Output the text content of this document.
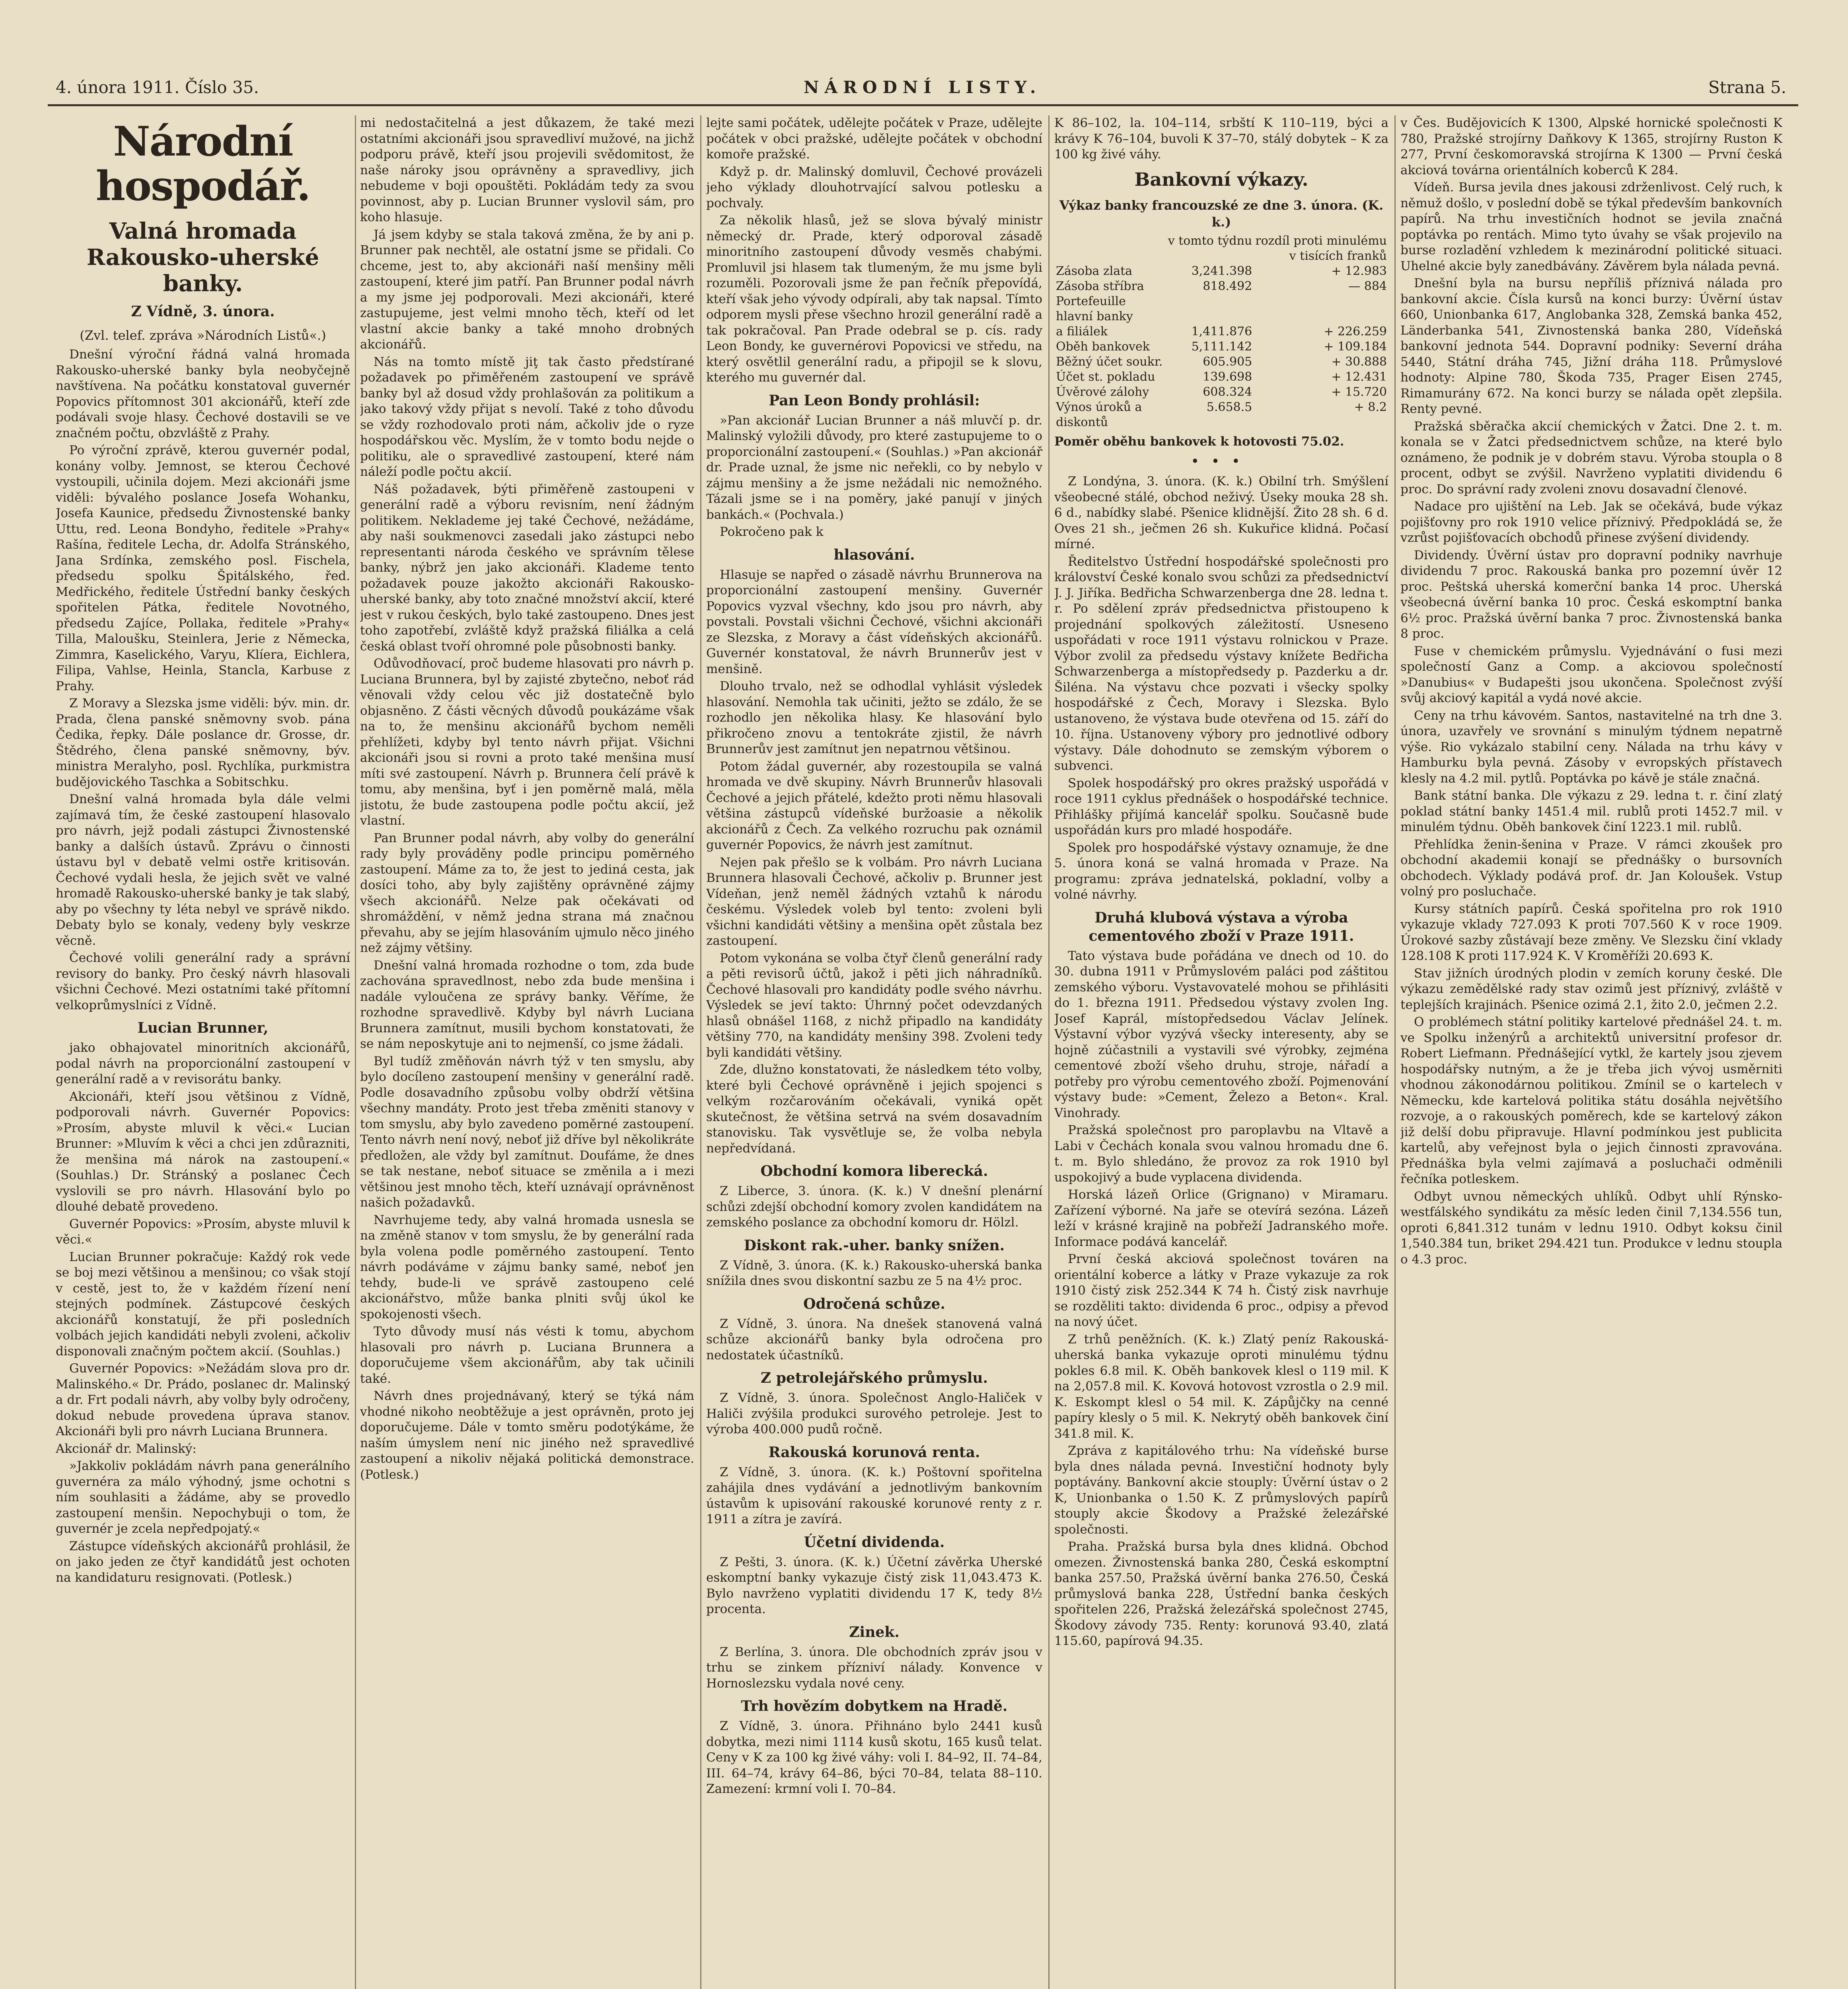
4. února 1911. Číslo 35.	NÁRODNÍ LISTY.	Strana 5.
Národní hospodář.
Valná hromada Rakousko-uherské banky.
Z Vídně, 3. února.
(Zvl. telef. zpráva »Národních Listů«.)

Dnešní výroční řádná valná hromada Rakousko-uherské banky byla neobyčejně navštívena. Na počátku konstatoval guvernér Popovics přítomnost 301 akcionářů, kteří zde podávali svoje hlasy. Čechové dostavili se ve značném počtu, obzvláště z Prahy.

Po výroční zprávě, kterou guvernér podal, konány volby. Jemnost, se kterou Čechové vystoupili, učinila dojem. Mezi akcionáři jsme viděli: bývalého poslance Josefa Wohanku, Josefa Kaunice, předsedu Živnostenské banky Uttu, red. Leona Bondyho, ředitele »Prahy« Rašína, ředitele Lecha, dr. Adolfa Stránského, Jana Srdínka, zemského posl. Fischela, předsedu spolku Špitálského, řed. Medřického, ředitele Ústřední banky českých spořitelen Pátka, ředitele Novotného, předsedu Zajíce, Pollaka, ředitele »Prahy« Tilla, Maloušku, Steinlera, Jerie z Německa, Zimmra, Kaselického, Varyu, Klíera, Eichlera, Filipa, Vahlse, Heinla, Stancla, Karbuse z Prahy.

Z Moravy a Slezska jsme viděli: býv. min. dr. Prada, člena panské sněmovny svob. pána Čedika, řepky. Dále poslance dr. Grosse, dr. Štědrého, člena panské sněmovny, býv. ministra Meralyho, posl. Rychlíka, purkmistra budějovického Taschka a Sobitschku.

Dnešní valná hromada byla dále velmi zajímavá tím, že české zastoupení hlasovalo pro návrh, jejž podali zástupci Živnostenské banky a dalších ústavů. Zprávu o činnosti ústavu byl v debatě velmi ostře kritisován. Čechové vydali hesla, že jejich svět ve valné hromadě Rakousko-uherské banky je tak slabý, aby po všechny ty léta nebyl ve správě nikdo. Debaty bylo se konaly, vedeny byly veskrze věcně.

Čechové volili generální rady a správní revisory do banky. Pro český návrh hlasovali všichni Čechové. Mezi ostatními také přítomní velkoprůmyslníci z Vídně.

Lucian Brunner,

jako obhajovatel minoritních akcionářů, podal návrh na proporcionální zastoupení v generální radě a v revisorátu banky.

Akcionáři, kteří jsou většinou z Vídně, podporovali návrh. Guvernér Popovics: »Prosím, abyste mluvil k věci.« Lucian Brunner: »Mluvím k věci a chci jen zdůrazniti, že menšina má nárok na zastoupení.« (Souhlas.) Dr. Stránský a poslanec Čech vyslovili se pro návrh. Hlasování bylo po dlouhé debatě provedeno.

Guvernér Popovics: »Prosím, abyste mluvil k věci.«

Lucian Brunner pokračuje: Každý rok vede se boj mezi většinou a menšinou; co však stojí v cestě, jest to, že v každém řízení není stejných podmínek. Zástupcové českých akcionářů konstatují, že při posledních volbách jejich kandidáti nebyli zvoleni, ačkoliv disponovali značným počtem akcií. (Souhlas.)

Guvernér Popovics: »Nežádám slova pro dr. Malinského.« Dr. Prádo, poslanec dr. Malinský a dr. Frt podali návrh, aby volby byly odročeny, dokud nebude provedena úprava stanov. Akcionáři byli pro návrh Luciana Brunnera.

Akcionář dr. Malinský:

»Jakkoliv pokládám návrh pana generálního guvernéra za málo výhodný, jsme ochotni s ním souhlasiti a žádáme, aby se provedlo zastoupení menšin. Nepochybuji o tom, že guvernér je zcela nepředpojatý.«

Zástupce vídeňských akcionářů prohlásil, že on jako jeden ze čtyř kandidátů jest ochoten na kandidaturu resignovati. (Potlesk.)

mi nedostačitelná a jest důkazem, že také mezi ostatními akcionáři jsou spravedliví mužové, na jichž podporu právě, kteří jsou projevili svědomitost, že naše nároky jsou oprávněny a spravedlivy, jich nebudeme v boji opouštěti. Pokládám tedy za svou povinnost, aby p. Lucian Brunner vyslovil sám, pro koho hlasuje.

Já jsem kdyby se stala taková změna, že by ani p. Brunner pak nechtěl, ale ostatní jsme se přidali. Co chceme, jest to, aby akcionáři naší menšiny měli zastoupení, které jim patří. Pan Brunner podal návrh a my jsme jej podporovali. Mezi akcionáři, které zastupujeme, jest velmi mnoho těch, kteří od let vlastní akcie banky a také mnoho drobných akcionářů.

Nás na tomto místě jiţ tak často předstírané požadavek po přiměřeném zastoupení ve správě banky byl až dosud vždy prohlašován za politikum a jako takový vždy přijat s nevolí. Také z toho důvodu se vždy rozhodovalo proti nám, ačkoliv jde o ryze hospodářskou věc. Myslím, že v tomto bodu nejde o politiku, ale o spravedlivé zastoupení, které nám náleží podle počtu akcií.

Náš požadavek, býti přiměřeně zastoupeni v generální radě a výboru revisním, není žádným politikem. Neklademe jej také Čechové, nežádáme, aby naši soukmenovci zasedali jako zástupci nebo representanti národa českého ve správním tělese banky, nýbrž jen jako akcionáři. Klademe tento požadavek pouze jakožto akcionáři Rakousko-uherské banky, aby toto značné množství akcií, které jest v rukou českých, bylo také zastoupeno. Dnes jest toho zapotřebí, zvláště když pražská filiálka a celá česká oblast tvoří ohromné pole působnosti banky.

Odůvodňovací, proč budeme hlasovati pro návrh p. Luciana Brunnera, byl by zajisté zbytečno, neboť rád věnovali vždy celou věc již dostatečně bylo objasněno. Z části věcných důvodů poukázáme však na to, že menšinu akcionářů bychom neměli přehlížeti, kdyby byl tento návrh přijat. Všichni akcionáři jsou si rovni a proto také menšina musí míti své zastoupení. Návrh p. Brunnera čelí právě k tomu, aby menšina, byť i jen poměrně malá, měla jistotu, že bude zastoupena podle počtu akcií, jež vlastní.

Pan Brunner podal návrh, aby volby do generální rady byly prováděny podle principu poměrného zastoupení. Máme za to, že jest to jediná cesta, jak dosíci toho, aby byly zajištěny oprávněné zájmy všech akcionářů. Nelze pak očekávati od shromáždění, v němž jedna strana má značnou převahu, aby se jejím hlasováním ujmulo něco jiného než zájmy většiny.

Dnešní valná hromada rozhodne o tom, zda bude zachována spravedlnost, nebo zda bude menšina i nadále vyloučena ze správy banky. Věříme, že rozhodne spravedlivě. Kdyby byl návrh Luciana Brunnera zamítnut, musili bychom konstatovati, že se nám neposkytuje ani to nejmenší, co jsme žádali.

Byl tudíž změňován návrh týž v ten smyslu, aby bylo docíleno zastoupení menšiny v generální radě. Podle dosavadního způsobu volby obdrží většina všechny mandáty. Proto jest třeba změniti stanovy v tom smyslu, aby bylo zavedeno poměrné zastoupení. Tento návrh není nový, neboť již dříve byl několikráte předložen, ale vždy byl zamítnut. Doufáme, že dnes se tak nestane, neboť situace se změnila a i mezi většinou jest mnoho těch, kteří uznávají oprávněnost našich požadavků.

Navrhujeme tedy, aby valná hromada usnesla se na změně stanov v tom smyslu, že by generální rada byla volena podle poměrného zastoupení. Tento návrh podáváme v zájmu banky samé, neboť jen tehdy, bude-li ve správě zastoupeno celé akcionářstvo, může banka plniti svůj úkol ke spokojenosti všech.

Tyto důvody musí nás vésti k tomu, abychom hlasovali pro návrh p. Luciana Brunnera a doporučujeme všem akcionářům, aby tak učinili také.

Návrh dnes projednávaný, který se týká nám vhodné nikoho neobtěžuje a jest oprávněn, proto jej doporučujeme. Dále v tomto směru podotýkáme, že naším úmyslem není nic jiného než spravedlivé zastoupení a nikoliv nějaká politická demonstrace. (Potlesk.)

lejte sami počátek, udělejte počátek v Praze, udělejte počátek v obci pražské, udělejte počátek v obchodní komoře pražské.

Když p. dr. Malinský domluvil, Čechové provázeli jeho výklady dlouhotrvající salvou potlesku a pochvaly.

Za několik hlasů, jež se slova bývalý ministr německý dr. Prade, který odporoval zásadě minoritního zastoupení důvody vesměs chabými. Promluvil jsi hlasem tak tlumeným, že mu jsme byli rozuměli. Pozorovali jsme že pan řečník přepovídá, kteří však jeho vývody odpírali, aby tak napsal. Tímto odporem mysli přese všechno hrozil generální radě a tak pokračoval. Pan Prade odebral se p. cís. rady Leon Bondy, ke guvernérovi Popovicsi ve středu, na který osvětlil generální radu, a připojil se k slovu, kterého mu guvernér dal.

Pan Leon Bondy prohlásil:

»Pan akcionář Lucian Brunner a náš mluvčí p. dr. Malinský vyložili důvody, pro které zastupujeme to o proporcionální zastoupení.« (Souhlas.) »Pan akcionář dr. Prade uznal, že jsme nic neřekli, co by nebylo v zájmu menšiny a že jsme nežádali nic nemožného. Tázali jsme se i na poměry, jaké panují v jiných bankách.« (Pochvala.)

Pokročeno pak k

hlasování.

Hlasuje se napřed o zásadě návrhu Brunnerova na proporcionální zastoupení menšiny. Guvernér Popovics vyzval všechny, kdo jsou pro návrh, aby povstali. Povstali všichni Čechové, všichni akcionáři ze Slezska, z Moravy a část vídeňských akcionářů. Guvernér konstatoval, že návrh Brunnerův jest v menšině.

Dlouho trvalo, než se odhodlal vyhlásit výsledek hlasování. Nemohla tak učiniti, ježto se zdálo, že se rozhodlo jen několika hlasy. Ke hlasování bylo přikročeno znovu a tentokráte zjistil, že návrh Brunnerův jest zamítnut jen nepatrnou většinou.

Potom žádal guvernér, aby rozestoupila se valná hromada ve dvě skupiny. Návrh Brunnerův hlasovali Čechové a jejich přátelé, kdežto proti němu hlasovali většina zástupců vídeňské buržoasie a několik akcionářů z Čech. Za velkého rozruchu pak oznámil guvernér Popovics, že návrh jest zamítnut.

Nejen pak přešlo se k volbám. Pro návrh Luciana Brunnera hlasovali Čechové, ačkoliv p. Brunner jest Vídeňan, jenž neměl žádných vztahů k národu českému. Výsledek voleb byl tento: zvoleni byli všichni kandidáti většiny a menšina opět zůstala bez zastoupení.

Potom vykonána se volba čtyř členů generální rady a pěti revisorů účtů, jakož i pěti jich náhradníků. Čechové hlasovali pro kandidáty podle svého návrhu. Výsledek se jeví takto: Úhrnný počet odevzdaných hlasů obnášel 1168, z nichž připadlo na kandidáty většiny 770, na kandidáty menšiny 398. Zvoleni tedy byli kandidáti většiny.

Zde, dlužno konstatovati, že následkem této volby, které byli Čechové oprávněně i jejich spojenci s velkým rozčarováním očekávali, vyniká opět skutečnost, že většina setrvá na svém dosavadním stanovisku. Tak vysvětluje se, že volba nebyla nepředvídaná.

Obchodní komora liberecká.

Z Liberce, 3. února. (K. k.) V dnešní plenární schůzi zdejší obchodní komory zvolen kandidátem na zemského poslance za obchodní komoru dr. Hölzl.

Diskont rak.-uher. banky snížen.

Z Vídně, 3. února. (K. k.) Rakousko-uherská banka snížila dnes svou diskontní sazbu ze 5 na 4½ proc.

Odročená schůze.

Z Vídně, 3. února. Na dnešek stanovená valná schůze akcionářů banky byla odročena pro nedostatek účastníků.

Z petrolejářského průmyslu.

Z Vídně, 3. února. Společnost Anglo-Haliček v Haliči zvýšila produkci surového petroleje. Jest to výroba 400.000 pudů ročně.

Rakouská korunová renta.

Z Vídně, 3. února. (K. k.) Poštovní spořitelna zahájila dnes vydávání a jednotlivým bankovním ústavům k upisování rakouské korunové renty z r. 1911 a zítra je zavírá.

Účetní dividenda.

Z Pešti, 3. února. (K. k.) Účetní závěrka Uherské eskomptní banky vykazuje čistý zisk 11,043.473 K. Bylo navrženo vyplatiti dividendu 17 K, tedy 8½ procenta.

Zinek.

Z Berlína, 3. února. Dle obchodních zpráv jsou v trhu se zinkem přízniví nálady. Konvence v Hornoslezsku vydala nové ceny.

Trh hovězím dobytkem na Hradě.

Z Vídně, 3. února. Přihnáno bylo 2441 kusů dobytka, mezi nimi 1114 kusů skotu, 165 kusů telat. Ceny v K za 100 kg živé váhy: voli I. 84–92, II. 74–84, III. 64–74, krávy 64–86, býci 70–84, telata 88–110. Zamezení: krmní voli I. 70–84.

K 86–102, la. 104–114, srbští K 110–119, býci a krávy K 76–104, buvoli K 37–70, stálý dobytek – K za 100 kg živé váhy.

Bankovní výkazy.
Výkaz banky francouzské ze dne 3. února. (K. k.)
	v tomto týdnu	rozdíl proti minulému
	v tisících franků	
Zásoba zlata	3,241.398	+ 12.983
Zásoba stříbra	818.492	— 884
Portefeuille hlavní banky		
a filiálek	1,411.876	+ 226.259
Oběh bankovek	5,111.142	+ 109.184
Běžný účet soukr.	605.905	+ 30.888
Účet st. pokladu	139.698	+ 12.431
Úvěrové zálohy	608.324	+ 15.720
Výnos úroků a diskontů	5.658.5	+ 8.2

Poměr oběhu bankovek k hotovosti 75.02.

•••

Z Londýna, 3. února. (K. k.) Obilní trh. Smýšlení všeobecné stálé, obchod neživý. Úseky mouka 28 sh. 6 d., nabídky slabé. Pšenice klidnější. Žito 28 sh. 6 d. Oves 21 sh., ječmen 26 sh. Kukuřice klidná. Počasí mírné.

Ředitelstvo Ústřední hospodářské společnosti pro království České konalo svou schůzi za předsednictví J. J. Jiříka. Bedřicha Schwarzenberga dne 28. ledna t. r. Po sdělení zpráv předsednictva přistoupeno k projednání spolkových záležitostí. Usneseno uspořádati v roce 1911 výstavu rolnickou v Praze. Výbor zvolil za předsedu výstavy knížete Bedřicha Schwarzenberga a místopředsedy p. Pazderku a dr. Šiléna. Na výstavu chce pozvati i všecky spolky hospodářské z Čech, Moravy i Slezska. Bylo ustanoveno, že výstava bude otevřena od 15. září do 10. října. Ustanoveny výbory pro jednotlivé odbory výstavy. Dále dohodnuto se zemským výborem o subvenci.

Spolek hospodářský pro okres pražský uspořádá v roce 1911 cyklus přednášek o hospodářské technice. Přihlášky přijímá kancelář spolku. Současně bude uspořádán kurs pro mladé hospodáře.

Spolek pro hospodářské výstavy oznamuje, že dne 5. února koná se valná hromada v Praze. Na programu: zpráva jednatelská, pokladní, volby a volné návrhy.

Druhá klubová výstava a výroba cementového zboží v Praze 1911.

Tato výstava bude pořádána ve dnech od 10. do 30. dubna 1911 v Průmyslovém paláci pod záštitou zemského výboru. Vystavovatelé mohou se přihlásiti do 1. března 1911. Předsedou výstavy zvolen Ing. Josef Kaprál, místopředsedou Václav Jelínek. Výstavní výbor vyzývá všecky interesenty, aby se hojně zúčastnili a vystavili své výrobky, zejména cementové zboží všeho druhu, stroje, nářadí a potřeby pro výrobu cementového zboží. Pojmenování výstavy bude: »Cement, Železo a Beton«. Kral. Vinohrady.

Pražská společnost pro paroplavbu na Vltavě a Labi v Čechách konala svou valnou hromadu dne 6. t. m. Bylo shledáno, že provoz za rok 1910 byl uspokojivý a bude vyplacena dividenda.

Horská lázeň Orlice (Grignano) v Miramaru. Zařízení výborné. Na jaře se otevírá sezóna. Lázeň leží v krásné krajině na pobřeží Jadranského moře. Informace podává kancelář.

První česká akciová společnost továren na orientální koberce a látky v Praze vykazuje za rok 1910 čistý zisk 252.344 K 74 h. Čistý zisk navrhuje se rozděliti takto: dividenda 6 proc., odpisy a převod na nový účet.

Z trhů peněžních. (K. k.) Zlatý peníz Rakouská-uherská banka vykazuje oproti minulému týdnu pokles 6.8 mil. K. Oběh bankovek klesl o 119 mil. K na 2,057.8 mil. K. Kovová hotovost vzrostla o 2.9 mil. K. Eskompt klesl o 54 mil. K. Zápůjčky na cenné papíry klesly o 5 mil. K. Nekrytý oběh bankovek činí 341.8 mil. K.

Zpráva z kapitálového trhu: Na vídeňské burse byla dnes nálada pevná. Investiční hodnoty byly poptávány. Bankovní akcie stouply: Úvěrní ústav o 2 K, Unionbanka o 1.50 K. Z průmyslových papírů stouply akcie Škodovy a Pražské železářské společnosti.

Praha. Pražská bursa byla dnes klidná. Obchod omezen. Živnostenská banka 280, Česká eskomptní banka 257.50, Pražská úvěrní banka 276.50, Česká průmyslová banka 228, Ústřední banka českých spořitelen 226, Pražská železářská společnost 2745, Škodovy závody 735. Renty: korunová 93.40, zlatá 115.60, papírová 94.35.

v Čes. Budějovicích K 1300, Alpské hornické společnosti K 780, Pražské strojírny Daňkovy K 1365, strojírny Ruston K 277, První českomoravská strojírna K 1300 — První česká akciová továrna orientálních koberců K 284.

Vídeň. Bursa jevila dnes jakousi zdrženlivost. Celý ruch, k němuž došlo, v poslední době se týkal především bankovních papírů. Na trhu investičních hodnot se jevila značná poptávka po rentách. Mimo tyto úvahy se však projevilo na burse rozladění vzhledem k mezinárodní politické situaci. Uhelné akcie byly zanedbávány. Závěrem byla nálada pevná.

Dnešní byla na bursu nepříliš příznivá nálada pro bankovní akcie. Čísla kursů na konci burzy: Úvěrní ústav 660, Unionbanka 617, Anglobanka 328, Zemská banka 452, Länderbanka 541, Zivnostenská banka 280, Vídeňská bankovní jednota 544. Dopravní podniky: Severní dráha 5440, Státní dráha 745, Jižní dráha 118. Průmyslové hodnoty: Alpine 780, Škoda 735, Prager Eisen 2745, Rimamurány 672. Na konci burzy se nálada opět zlepšila. Renty pevné.

Pražská sběračka akcií chemických v Žatci. Dne 2. t. m. konala se v Žatci předsednictvem schůze, na které bylo oznámeno, že podnik je v dobrém stavu. Výroba stoupla o 8 procent, odbyt se zvýšil. Navrženo vyplatiti dividendu 6 proc. Do správní rady zvoleni znovu dosavadní členové.

Nadace pro ujištění na Leb. Jak se očekává, bude výkaz pojišťovny pro rok 1910 velice příznivý. Předpokládá se, že vzrůst pojišťovacích obchodů přinese zvýšení dividendy.

Dividendy. Úvěrní ústav pro dopravní podniky navrhuje dividendu 7 proc. Rakouská banka pro pozemní úvěr 12 proc. Peštská uherská komerční banka 14 proc. Uherská všeobecná úvěrní banka 10 proc. Česká eskomptní banka 6½ proc. Pražská úvěrní banka 7 proc. Živnostenská banka 8 proc.

Fuse v chemickém průmyslu. Vyjednávání o fusi mezi společností Ganz a Comp. a akciovou společností »Danubius« v Budapešti jsou ukončena. Společnost zvýší svůj akciový kapitál a vydá nové akcie.

Ceny na trhu kávovém. Santos, nastavitelné na trh dne 3. února, uzavřely ve srovnání s minulým týdnem nepatrně výše. Rio vykázalo stabilní ceny. Nálada na trhu kávy v Hamburku byla pevná. Zásoby v evropských přístavech klesly na 4.2 mil. pytlů. Poptávka po kávě je stále značná.

Bank státní banka. Dle výkazu z 29. ledna t. r. činí zlatý poklad státní banky 1451.4 mil. rublů proti 1452.7 mil. v minulém týdnu. Oběh bankovek činí 1223.1 mil. rublů.

Přehlídka ženin-šenina v Praze. V rámci zkoušek pro obchodní akademii konají se přednášky o bursovních obchodech. Výklady podává prof. dr. Jan Koloušek. Vstup volný pro posluchače.

Kursy státních papírů. Česká spořitelna pro rok 1910 vykazuje vklady 727.093 K proti 707.560 K v roce 1909. Úrokové sazby zůstávají beze změny. Ve Slezsku činí vklady 128.108 K proti 117.924 K. V Kroměříži 20.693 K.

Stav jižních úrodných plodin v zemích koruny české. Dle výkazu zemědělské rady stav ozimů jest příznivý, zvláště v teplejších krajinách. Pšenice ozimá 2.1, žito 2.0, ječmen 2.2.

O problémech státní politiky kartelové přednášel 24. t. m. ve Spolku inženýrů a architektů universitní profesor dr. Robert Liefmann. Přednášející vytkl, že kartely jsou zjevem hospodářsky nutným, a že je třeba jich vývoj usměrniti vhodnou zákonodárnou politikou. Zmínil se o kartelech v Německu, kde kartelová politika státu dosáhla největšího rozvoje, a o rakouských poměrech, kde se kartelový zákon již delší dobu připravuje. Hlavní podmínkou jest publicita kartelů, aby veřejnost byla o jejich činnosti zpravována. Přednáška byla velmi zajímavá a posluchači odměnili řečníka potleskem.

Odbyt uvnou německých uhlíků. Odbyt uhlí Rýnsko-westfálského syndikátu za měsíc leden činil 7,134.556 tun, oproti 6,841.312 tunám v lednu 1910. Odbyt koksu činil 1,540.384 tun, briket 294.421 tun. Produkce v lednu stoupla o 4.3 proc.
